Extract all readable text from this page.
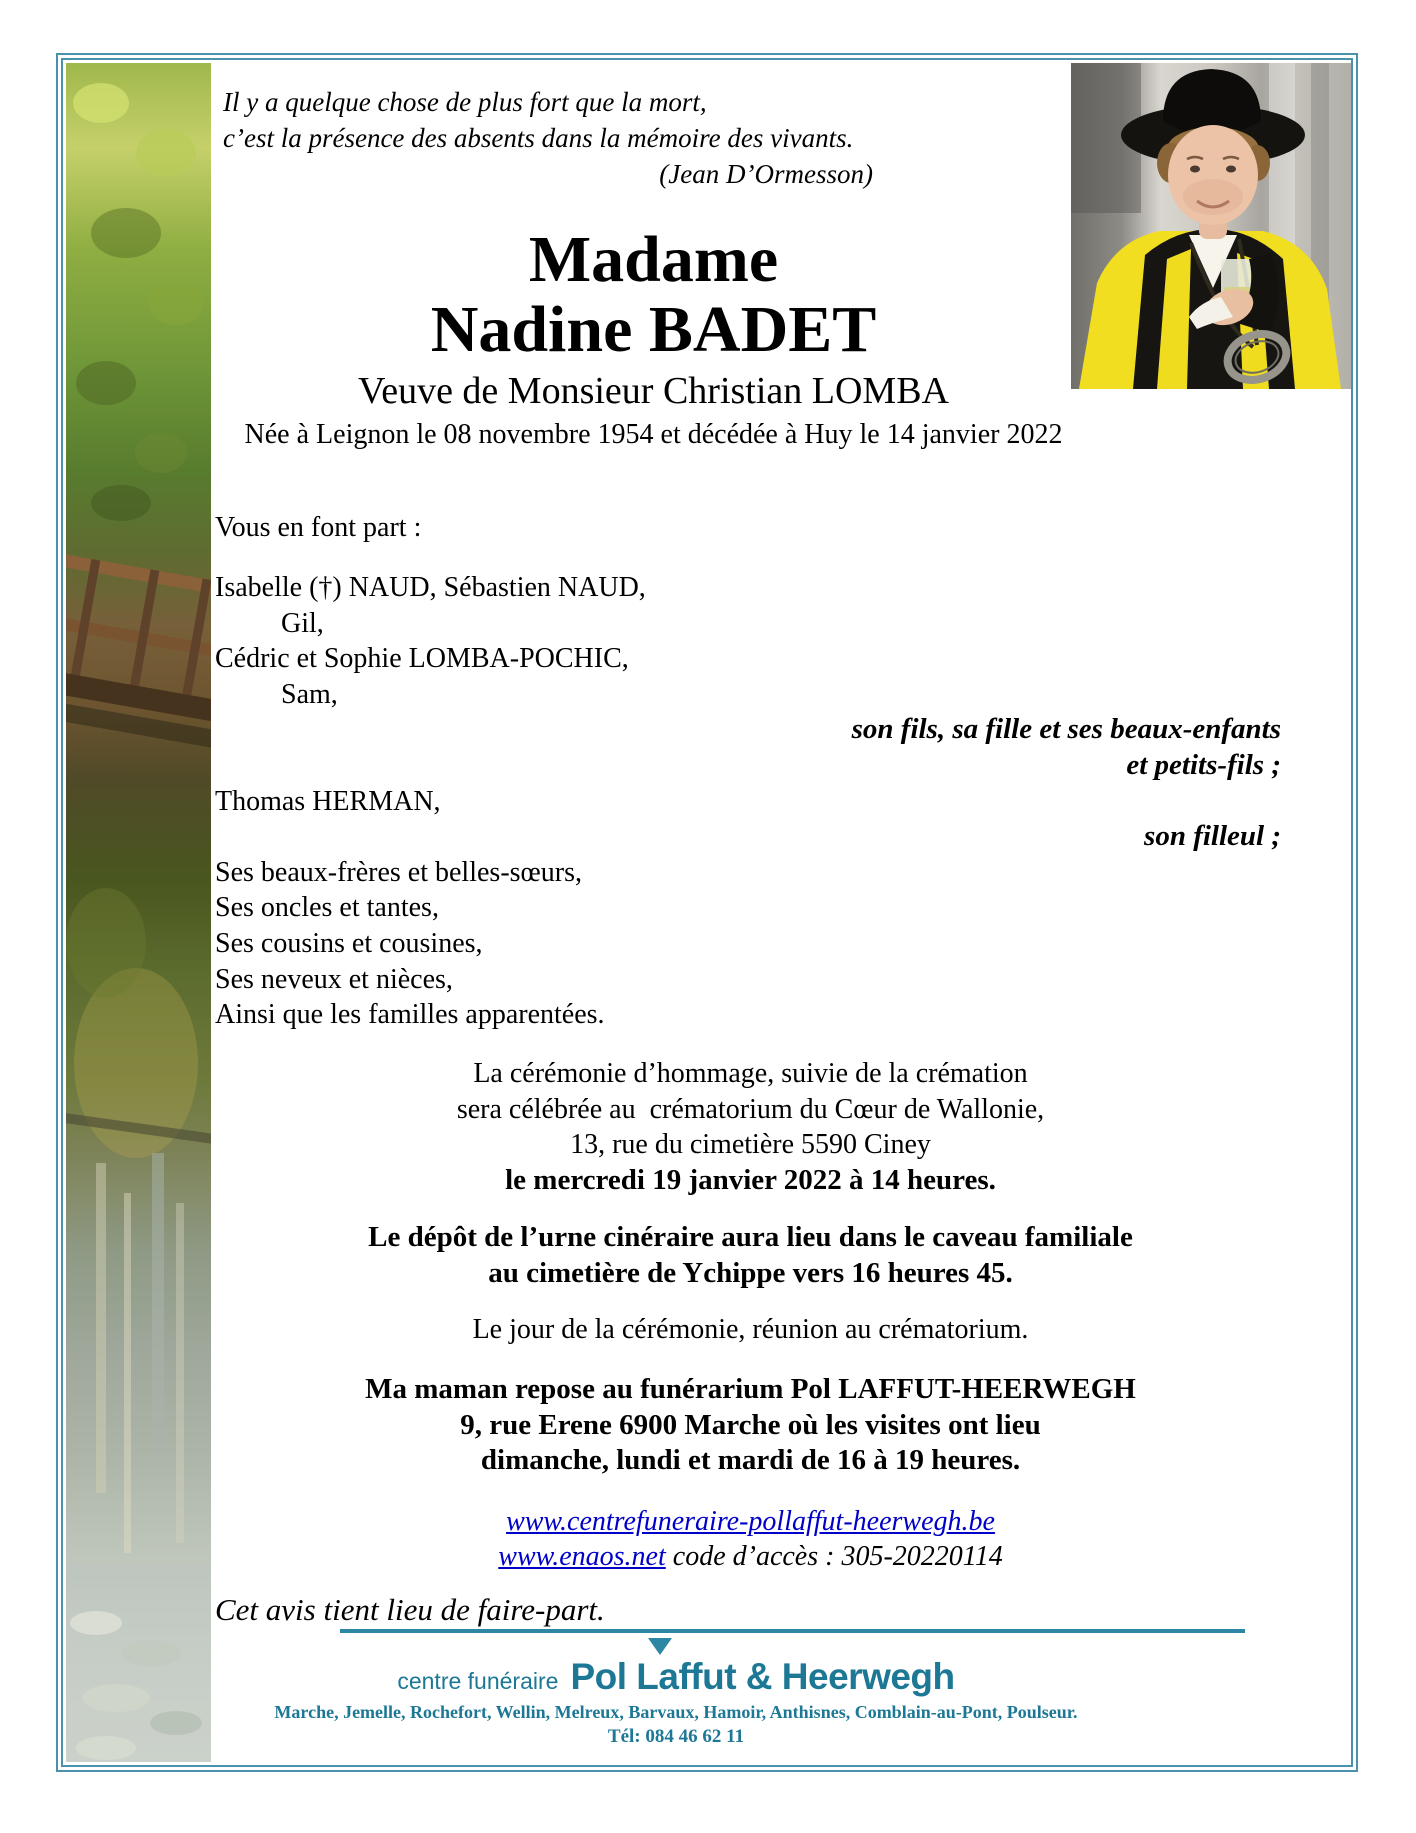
Il y a quelque chose de plus fort que la mort,
c’est la présence des absents dans la mémoire des vivants.
(Jean D’Ormesson)
Madame
Nadine BADET
Veuve de Monsieur Christian LOMBA
Née à Leignon le 08 novembre 1954 et décédée à Huy le 14 janvier 2022
Vous en font part :
Isabelle (†) NAUD, Sébastien NAUD,
Gil,
Cédric et Sophie LOMBA-POCHIC,
Sam,
son fils, sa fille et ses beaux-enfants
et petits-fils ;
Thomas HERMAN,
son filleul ;
Ses beaux-frères et belles-sœurs,
Ses oncles et tantes,
Ses cousins et cousines,
Ses neveux et nièces,
Ainsi que les familles apparentées.
La cérémonie d’hommage, suivie de la crémation
sera célébrée au  crématorium du Cœur de Wallonie,
13, rue du cimetière 5590 Ciney
le mercredi 19 janvier 2022 à 14 heures.
Le dépôt de l’urne cinéraire aura lieu dans le caveau familiale
au cimetière de Ychippe vers 16 heures 45.
Le jour de la cérémonie, réunion au crématorium.
Ma maman repose au funérarium Pol LAFFUT-HEERWEGH
9, rue Erene 6900 Marche où les visites ont lieu
dimanche, lundi et mardi de 16 à 19 heures.
www.centrefuneraire-pollaffut-heerwegh.be
www.enaos.net code d’accès : 305-20220114
Cet avis tient lieu de faire-part.
centre funéraire Pol Laffut & Heerwegh
Marche, Jemelle, Rochefort, Wellin, Melreux, Barvaux, Hamoir, Anthisnes, Comblain-au-Pont, Poulseur.
Tél: 084 46 62 11
